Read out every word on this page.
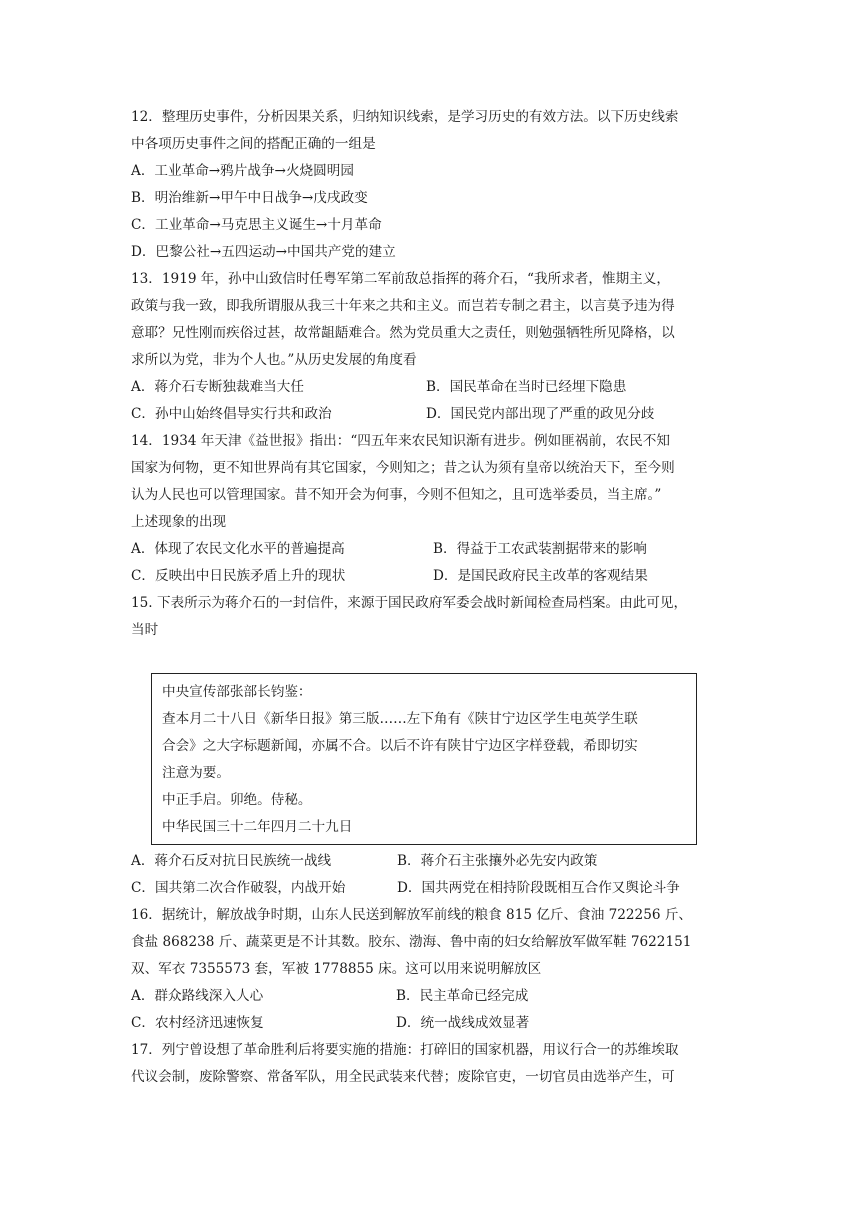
12．整理历史事件，分析因果关系，归纳知识线索，是学习历史的有效方法。以下历史线索
中各项历史事件之间的搭配正确的一组是
A．工业革命→鸦片战争→火烧圆明园
B．明治维新→甲午中日战争→戊戌政变
C．工业革命→马克思主义诞生→十月革命
D．巴黎公社→五四运动→中国共产党的建立
13．1919 年，孙中山致信时任粤军第二军前敌总指挥的蒋介石，“我所求者，惟期主义，
政策与我一致，即我所谓服从我三十年来之共和主义。而岂若专制之君主，以言莫予违为得
意耶？兄性刚而疾俗过甚，故常龃龉难合。然为党员重大之责任，则勉强牺牲所见降格，以
求所以为党，非为个人也。”从历史发展的角度看
A．蒋介石专断独裁难当大任	B．国民革命在当时已经埋下隐患
C．孙中山始终倡导实行共和政治	D．国民党内部出现了严重的政见分歧
14．1934 年天津《益世报》指出：“四五年来农民知识渐有进步。例如匪祸前，农民不知
国家为何物，更不知世界尚有其它国家，今则知之；昔之认为须有皇帝以统治天下，至今则
认为人民也可以管理国家。昔不知开会为何事，今则不但知之，且可选举委员，当主席。”
上述现象的出现
A．体现了农民文化水平的普遍提高	B．得益于工农武装割据带来的影响
C．反映出中日民族矛盾上升的现状	D．是国民政府民主改革的客观结果
15. 下表所示为蒋介石的一封信件，来源于国民政府军委会战时新闻检查局档案。由此可见，
当时
中央宣传部张部长钧鉴：
查本月二十八日《新华日报》第三版……左下角有《陕甘宁边区学生电英学生联
合会》之大字标题新闻，亦属不合。以后不许有陕甘宁边区字样登载，希即切实
注意为要。
中正手启。卯绝。侍秘。
中华民国三十二年四月二十九日
A．蒋介石反对抗日民族统一战线	B．蒋介石主张攘外必先安内政策
C．国共第二次合作破裂，内战开始	D．国共两党在相持阶段既相互合作又舆论斗争
16．据统计，解放战争时期，山东人民送到解放军前线的粮食 815 亿斤、食油 722256 斤、
食盐 868238 斤、蔬菜更是不计其数。胶东、渤海、鲁中南的妇女给解放军做军鞋 7622151
双、军衣 7355573 套，军被 1778855 床。这可以用来说明解放区
A．群众路线深入人心	B．民主革命已经完成
C．农村经济迅速恢复	D．统一战线成效显著
17．列宁曾设想了革命胜利后将要实施的措施：打碎旧的国家机器，用议行合一的苏维埃取
代议会制，废除警察、常备军队，用全民武装来代替；废除官吏，一切官员由选举产生，可
